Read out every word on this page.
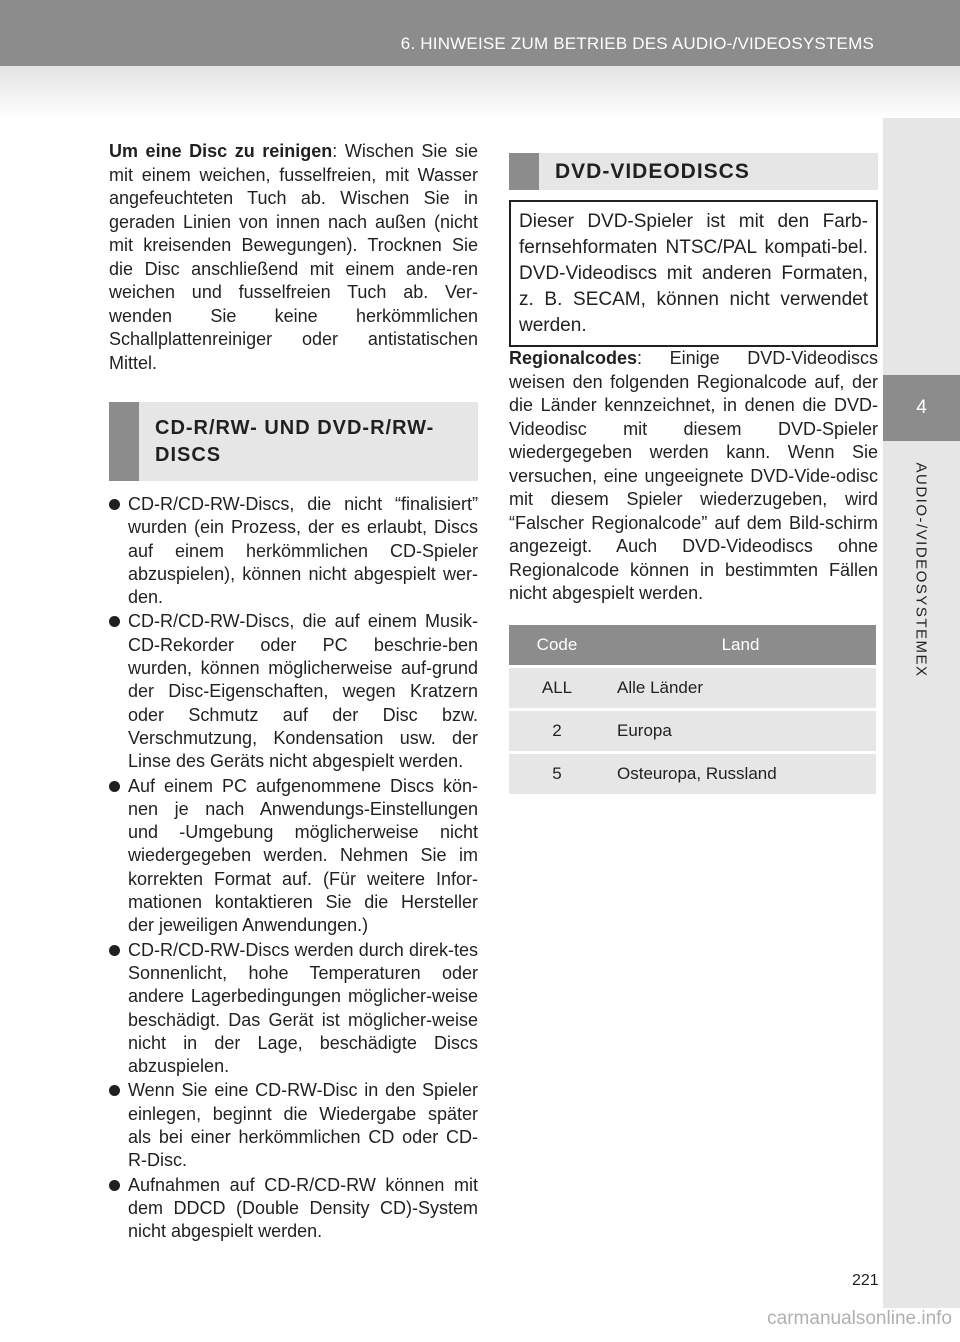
6. HINWEISE ZUM BETRIEB DES AUDIO-/VIDEOSYSTEMS
4
AUDIO-/VIDEOSYSTEMEX

Um eine Disc zu reinigen: Wischen Sie sie mit einem weichen, fusselfreien, mit Wasser angefeuchteten Tuch ab. Wischen Sie in geraden Linien von innen nach außen (nicht mit kreisenden Bewegungen). Trocknen Sie die Disc anschließend mit einem ande-ren weichen und fusselfreien Tuch ab. Ver-wenden Sie keine herkömmlichen Schallplattenreiniger oder antistatischen Mittel.

CD-R/RW- UND DVD-R/RW-
DISCS
CD-R/CD-RW-Discs, die nicht “finalisiert” wurden (ein Prozess, der es erlaubt, Discs auf einem herkömmlichen CD-Spieler abzuspielen), können nicht abgespielt wer-den.
CD-R/CD-RW-Discs, die auf einem Musik-CD-Rekorder oder PC beschrie-ben wurden, können möglicherweise auf-grund der Disc-Eigenschaften, wegen Kratzern oder Schmutz auf der Disc bzw. Verschmutzung, Kondensation usw. der Linse des Geräts nicht abgespielt werden.
Auf einem PC aufgenommene Discs kön-nen je nach Anwendungs-Einstellungen und -Umgebung möglicherweise nicht wiedergegeben werden. Nehmen Sie im korrekten Format auf. (Für weitere Infor-mationen kontaktieren Sie die Hersteller der jeweiligen Anwendungen.)
CD-R/CD-RW-Discs werden durch direk-tes Sonnenlicht, hohe Temperaturen oder andere Lagerbedingungen möglicher-weise beschädigt. Das Gerät ist möglicher-weise nicht in der Lage, beschädigte Discs abzuspielen.
Wenn Sie eine CD-RW-Disc in den Spieler einlegen, beginnt die Wiedergabe später als bei einer herkömmlichen CD oder CD-R-Disc.
Aufnahmen auf CD-R/CD-RW können mit dem DDCD (Double Density CD)-System nicht abgespielt werden.
DVD-VIDEODISCS
Dieser DVD-Spieler ist mit den Farb-fernsehformaten NTSC/PAL kompati-bel. DVD-Videodiscs mit anderen Formaten, z. B. SECAM, können nicht verwendet werden.

Regionalcodes: Einige DVD-Videodiscs weisen den folgenden Regionalcode auf, der die Länder kennzeichnet, in denen die DVD-Videodisc mit diesem DVD-Spieler wiedergegeben werden kann. Wenn Sie versuchen, eine ungeeignete DVD-Vide-odisc mit diesem Spieler wiederzugeben, wird “Falscher Regionalcode” auf dem Bild-schirm angezeigt. Auch DVD-Videodiscs ohne Regionalcode können in bestimmten Fällen nicht abgespielt werden.

Code	Land
ALL	Alle Länder
2	Europa
5	Osteuropa, Russland
221
carmanualsonline.info
